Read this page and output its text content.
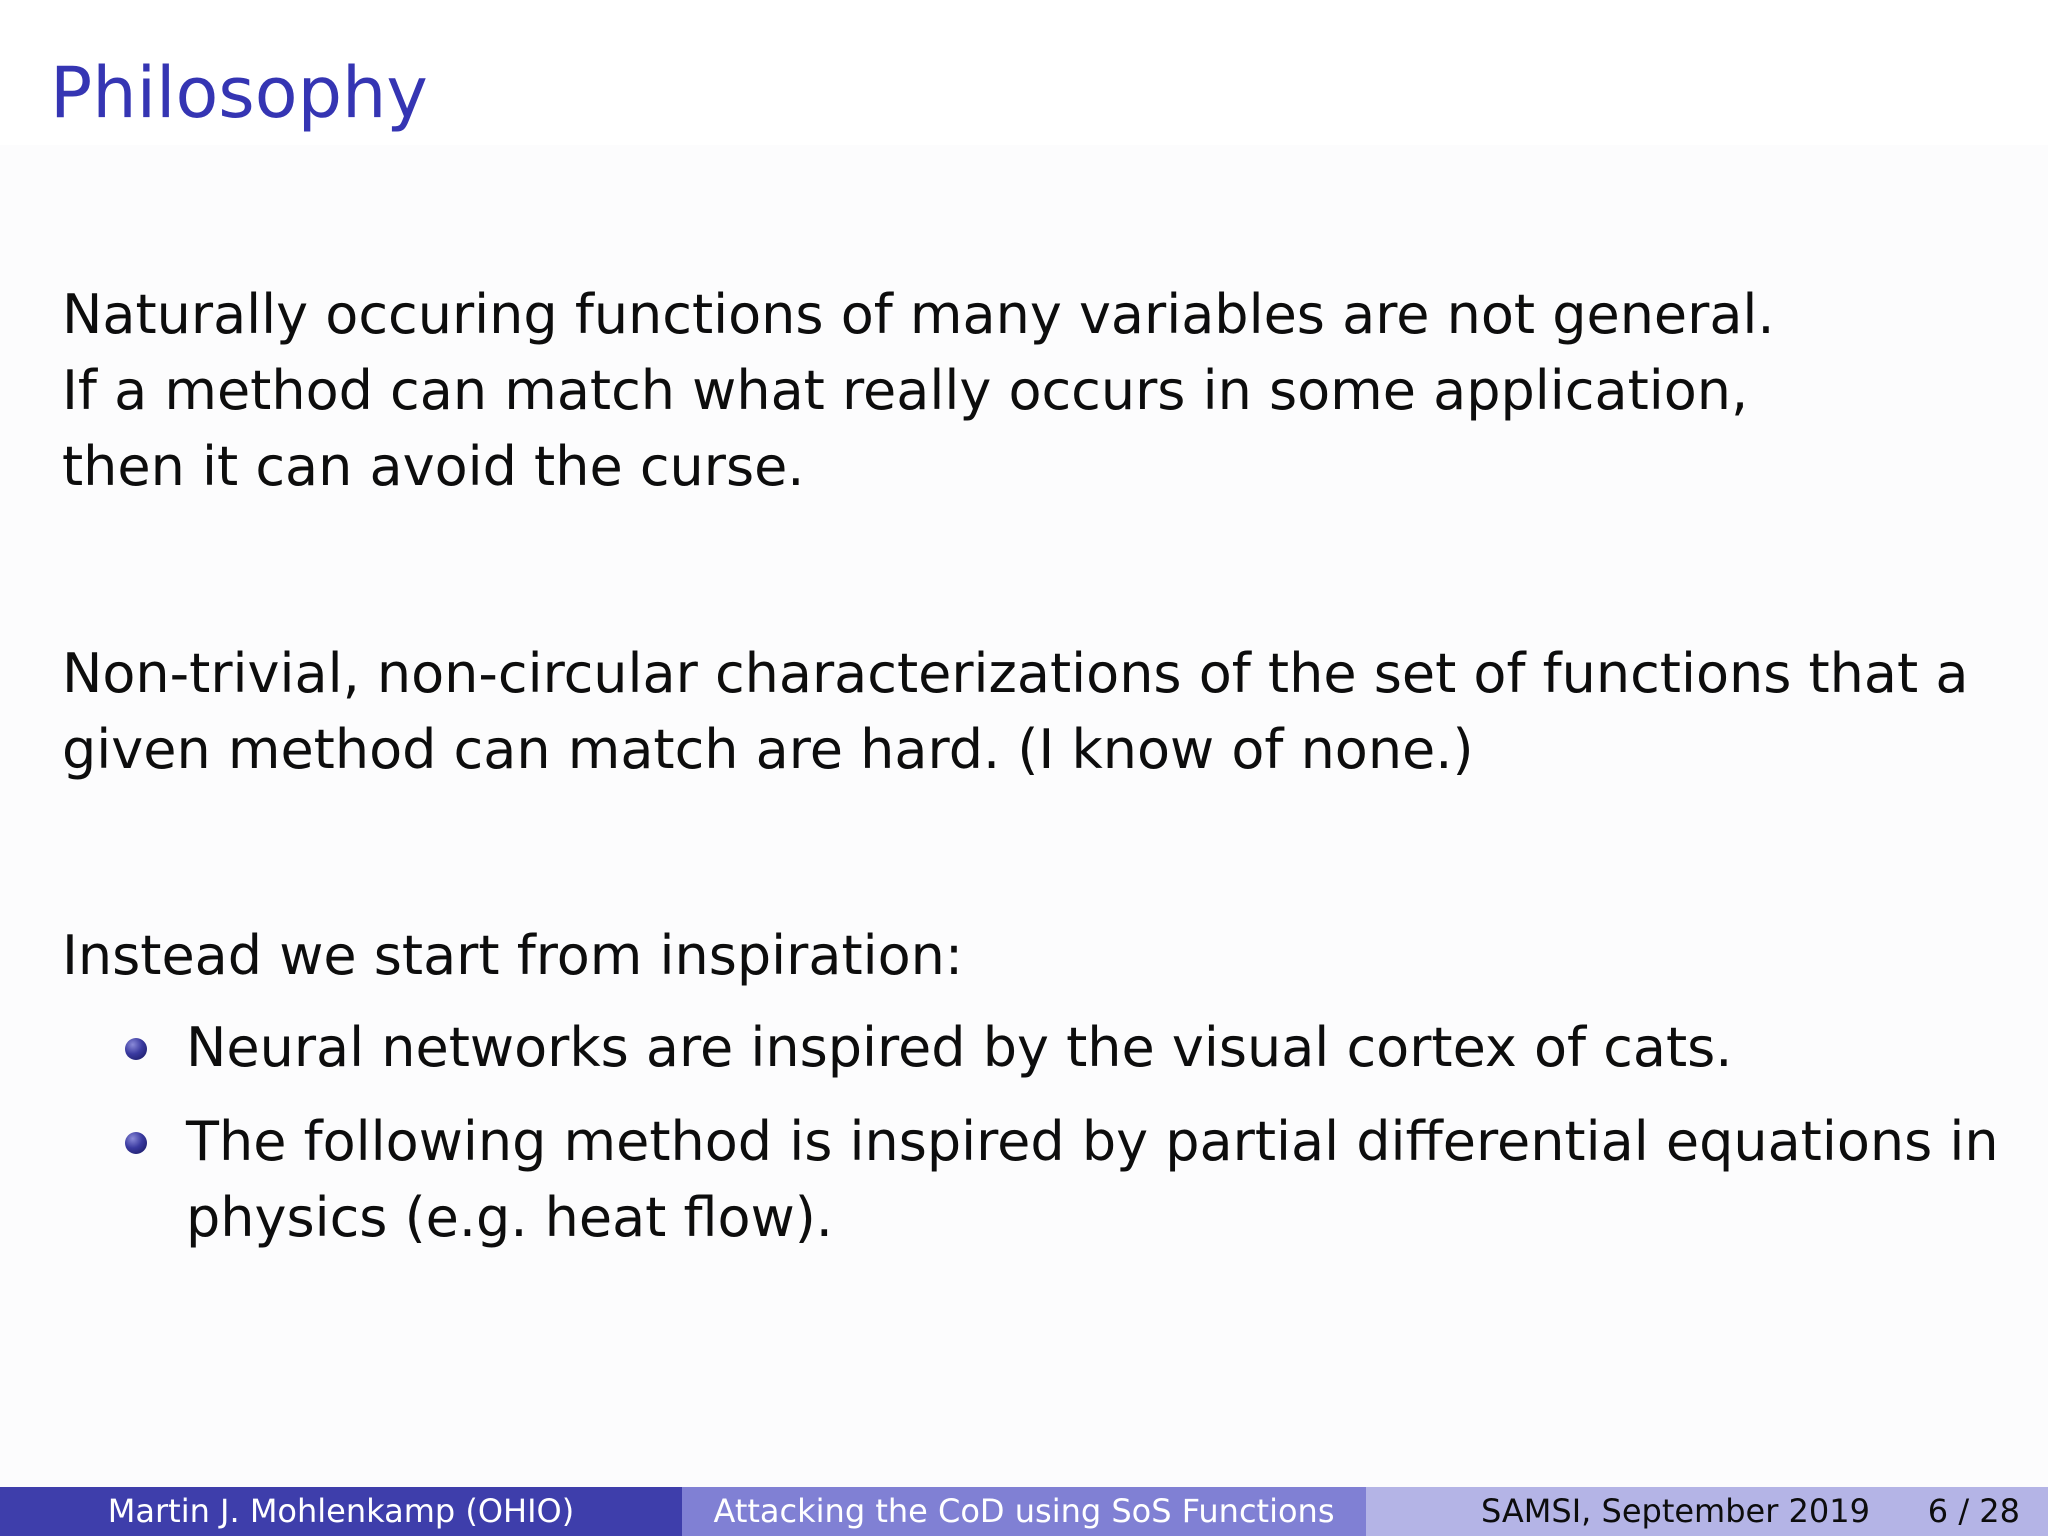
Philosophy
Naturally occuring functions of many variables are not general.
If a method can match what really occurs in some application,
then it can avoid the curse.
Non-trivial, non-circular characterizations of the set of functions that a
given method can match are hard. (I know of none.)
Instead we start from inspiration:
Neural networks are inspired by the visual cortex of cats.
The following method is inspired by partial differential equations in
physics (e.g. heat flow).
Martin J. Mohlenkamp (OHIO)	Attacking the CoD using SoS Functions	SAMSI, September 2019 6 / 28
